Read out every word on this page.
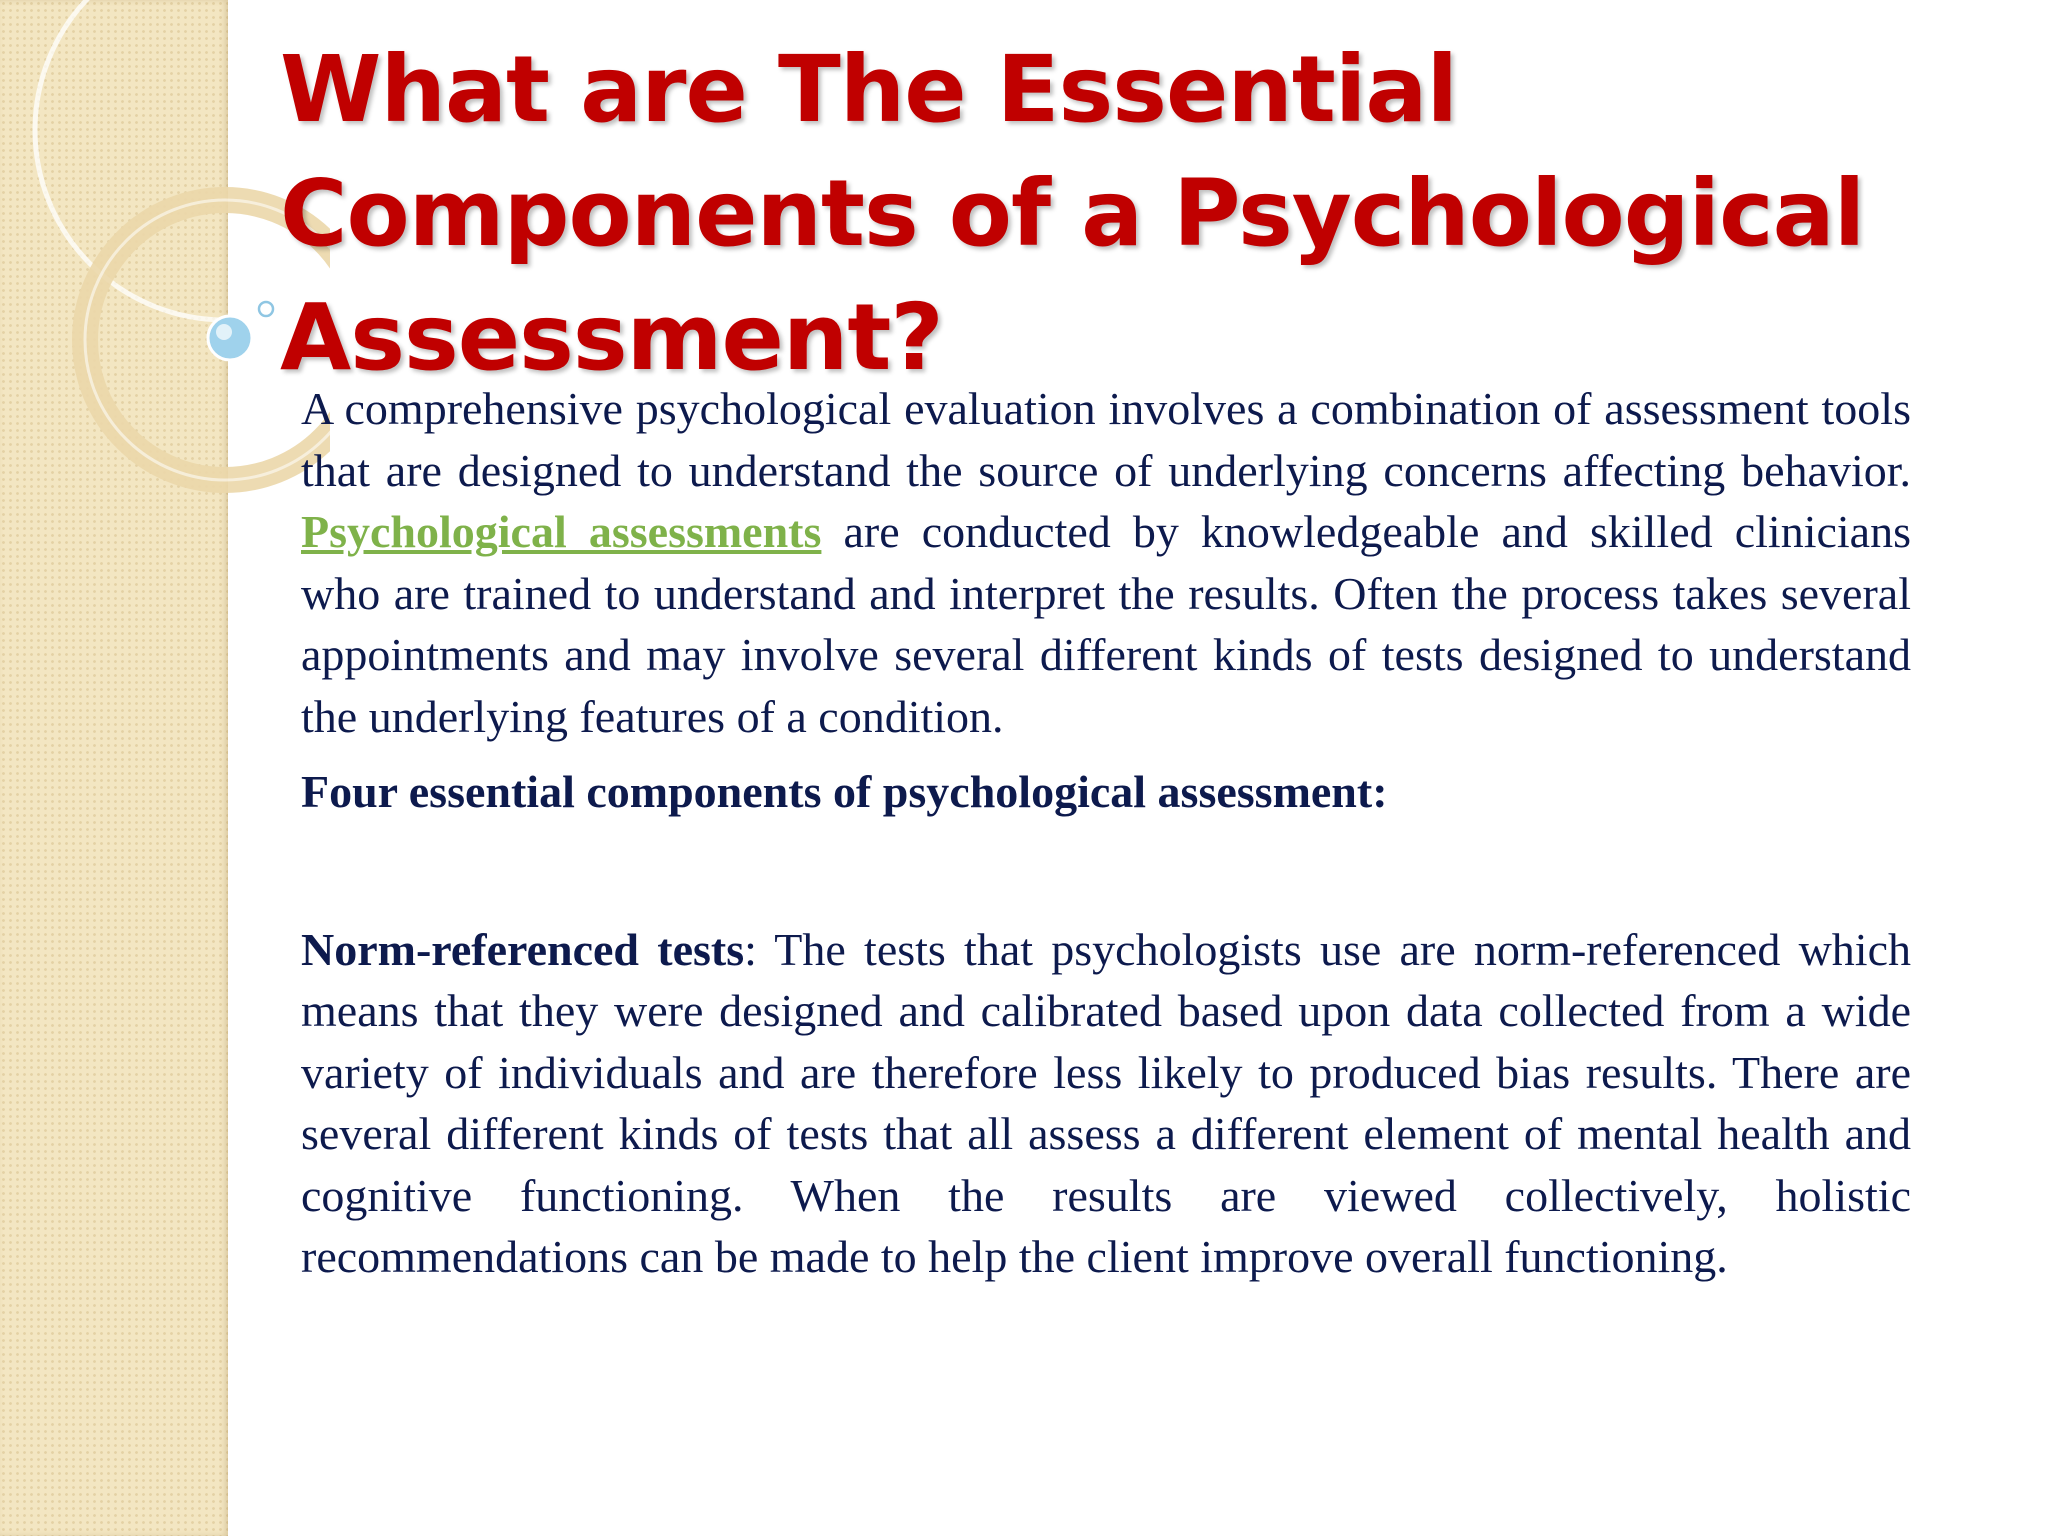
What are The Essential Components of a Psychological Assessment?

A comprehensive psychological evaluation involves a combination of assessment tools that are designed to understand the source of underlying concerns affecting behavior. Psychological assessments are conducted by knowledgeable and skilled clinicians who are trained to understand and interpret the results. Often the process takes several appointments and may involve several different kinds of tests designed to understand the underlying features of a condition.

Four essential components of psychological assessment:

Norm-referenced tests: The tests that psychologists use are norm-referenced which means that they were designed and calibrated based upon data collected from a wide variety of individuals and are therefore less likely to produced bias results. There are several different kinds of tests that all assess a different element of mental health and cognitive functioning. When the results are viewed collectively, holistic recommendations can be made to help the client improve overall functioning.
